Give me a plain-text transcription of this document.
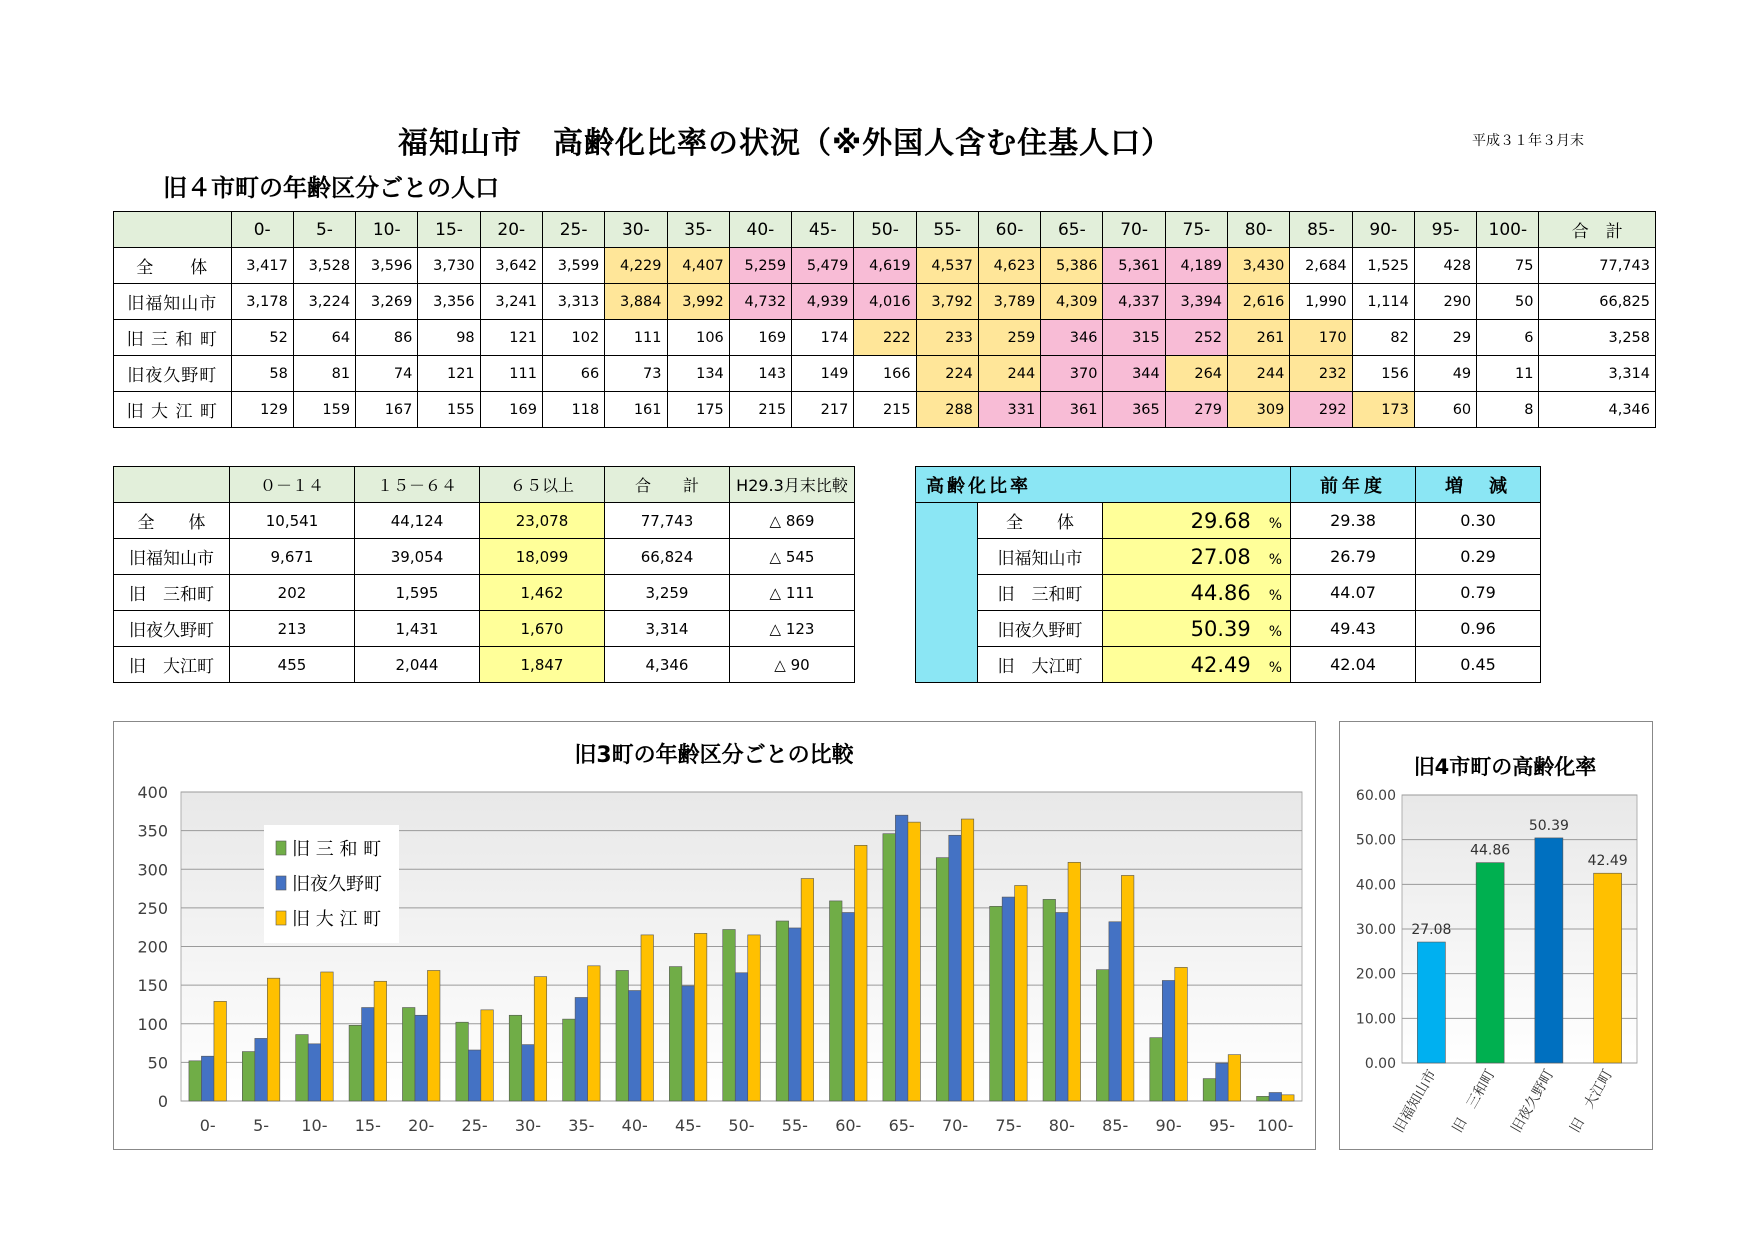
福知山市　高齢化比率の状況（※外国人含む住基人口）	平成３１年３月末
旧４市町の年齢区分ごとの人口
	0-	5-	10-	15-	20-	25-	30-	35-	40-	45-	50-	55-	60-	65-	70-	75-	80-	85-	90-	95-	100-	合　計
全　　体	3,417	3,528	3,596	3,730	3,642	3,599	4,229	4,407	5,259	5,479	4,619	4,537	4,623	5,386	5,361	4,189	3,430	2,684	1,525	428	75	77,743
旧福知山市	3,178	3,224	3,269	3,356	3,241	3,313	3,884	3,992	4,732	4,939	4,016	3,792	3,789	4,309	4,337	3,394	2,616	1,990	1,114	290	50	66,825
旧 三 和 町	52	64	86	98	121	102	111	106	169	174	222	233	259	346	315	252	261	170	82	29	6	3,258
旧夜久野町	58	81	74	121	111	66	73	134	143	149	166	224	244	370	344	264	244	232	156	49	11	3,314
旧 大 江 町	129	159	167	155	169	118	161	175	215	217	215	288	331	361	365	279	309	292	173	60	8	4,346
	０－１４	１５－６４	６５以上	合　　計	H29.3月末比較
全　　体	10,541	44,124	23,078	77,743	△ 869
旧福知山市	9,671	39,054	18,099	66,824	△ 545
旧　三和町	202	1,595	1,462	3,259	△ 111
旧夜久野町	213	1,431	1,670	3,314	△ 123
旧　大江町	455	2,044	1,847	4,346	△ 90
高齢化比率			前年度	増　減
	全　　体	29.68 %	29.38	0.30
	旧福知山市	27.08 %	26.79	0.29
	旧　三和町	44.86 %	44.07	0.79
	旧夜久野町	50.39 %	49.43	0.96
	旧　大江町	42.49 %	42.04	0.45
旧3町の年齢区分ごとの比較
0
50
100
150
200
250
300
350
400
0- 5- 10- 15- 20- 25- 30- 35- 40- 45- 50- 55- 60- 65- 70- 75- 80- 85- 90- 95- 100-
旧 三 和 町
旧夜久野町
旧 大 江 町
旧4市町の高齢化率
0.00
10.00
20.00
30.00
40.00
50.00
60.00
27.08
旧福知山市
44.86
旧　三和町
50.39
旧夜久野町
42.49
旧　大江町
